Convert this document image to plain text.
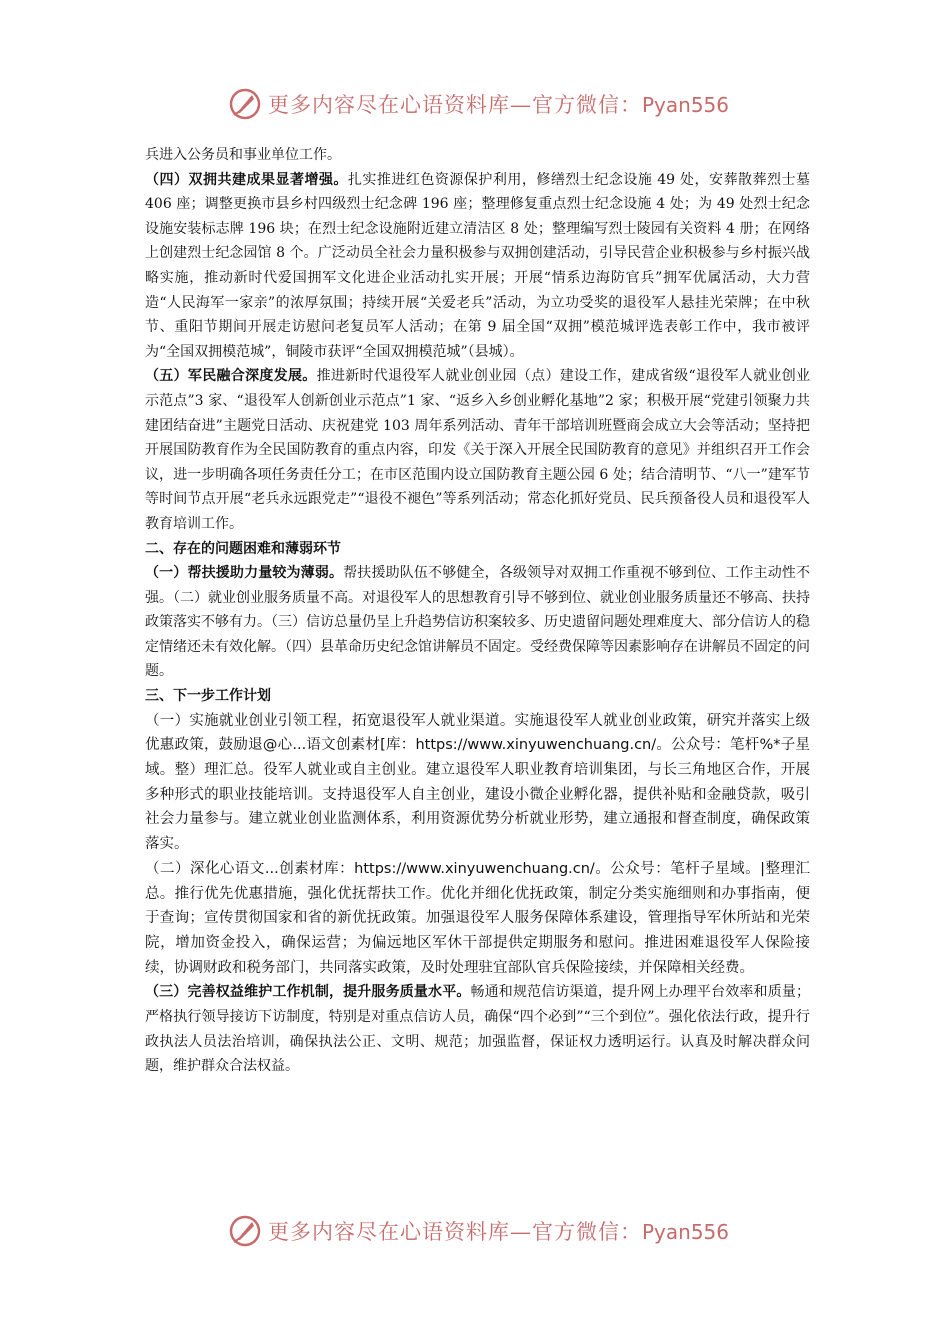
更多内容尽在心语资料库—官方微信：Pyan556

兵进入公务员和事业单位工作。

（四）双拥共建成果显著增强。扎实推进红色资源保护利用，修缮烈士纪念设施 49 处，安葬散葬烈士墓 406 座；调整更换市县乡村四级烈士纪念碑 196 座；整理修复重点烈士纪念设施 4 处；为 49 处烈士纪念设施安装标志牌 196 块；在烈士纪念设施附近建立清洁区 8 处；整理编写烈士陵园有关资料 4 册；在网络上创建烈士纪念园馆 8 个。广泛动员全社会力量积极参与双拥创建活动，引导民营企业积极参与乡村振兴战略实施，推动新时代爱国拥军文化进企业活动扎实开展；开展“情系边海防官兵”拥军优属活动，大力营造“人民海军一家亲”的浓厚氛围；持续开展“关爱老兵”活动，为立功受奖的退役军人悬挂光荣牌；在中秋节、重阳节期间开展走访慰问老复员军人活动；在第 9 届全国“双拥”模范城评选表彰工作中，我市被评为“全国双拥模范城”，铜陵市获评“全国双拥模范城”（县城）。

（五）军民融合深度发展。推进新时代退役军人就业创业园（点）建设工作，建成省级“退役军人就业创业示范点”3 家、“退役军人创新创业示范点”1 家、“返乡入乡创业孵化基地”2 家；积极开展“党建引领聚力共建团结奋进”主题党日活动、庆祝建党 103 周年系列活动、青年干部培训班暨商会成立大会等活动；坚持把开展国防教育作为全民国防教育的重点内容，印发《关于深入开展全民国防教育的意见》并组织召开工作会议，进一步明确各项任务责任分工；在市区范围内设立国防教育主题公园 6 处；结合清明节、“八一”建军节等时间节点开展“老兵永远跟党走”“退役不褪色”等系列活动；常态化抓好党员、民兵预备役人员和退役军人教育培训工作。

二、存在的问题困难和薄弱环节

（一）帮扶援助力量较为薄弱。帮扶援助队伍不够健全，各级领导对双拥工作重视不够到位、工作主动性不强。（二）就业创业服务质量不高。对退役军人的思想教育引导不够到位、就业创业服务质量还不够高、扶持政策落实不够有力。（三）信访总量仍呈上升趋势信访积案较多、历史遗留问题处理难度大、部分信访人的稳定情绪还未有效化解。（四）县革命历史纪念馆讲解员不固定。受经费保障等因素影响存在讲解员不固定的问题。

三、下一步工作计划

（一）实施就业创业引领工程，拓宽退役军人就业渠道。实施退役军人就业创业政策，研究并落实上级优惠政策，鼓励退@心...语文创素材[库：https://www.xinyuwenchuang.cn/。公众号：笔杆%*子星域。整）理汇总。役军人就业或自主创业。建立退役军人职业教育培训集团，与长三角地区合作，开展多种形式的职业技能培训。支持退役军人自主创业，建设小微企业孵化器，提供补贴和金融贷款，吸引社会力量参与。建立就业创业监测体系，利用资源优势分析就业形势，建立通报和督查制度，确保政策落实。

（二）深化心语文...创素材库：https://www.xinyuwenchuang.cn/。公众号：笔杆子星域。|整理汇总。推行优先优惠措施，强化优抚帮扶工作。优化并细化优抚政策，制定分类实施细则和办事指南，便于查询；宣传贯彻国家和省的新优抚政策。加强退役军人服务保障体系建设，管理指导军休所站和光荣院，增加资金投入，确保运营；为偏远地区军休干部提供定期服务和慰问。推进困难退役军人保险接续，协调财政和税务部门，共同落实政策，及时处理驻宜部队官兵保险接续，并保障相关经费。

（三）完善权益维护工作机制，提升服务质量水平。畅通和规范信访渠道，提升网上办理平台效率和质量；严格执行领导接访下访制度，特别是对重点信访人员，确保“四个必到”“三个到位”。强化依法行政，提升行政执法人员法治培训，确保执法公正、文明、规范；加强监督，保证权力透明运行。认真及时解决群众问题，维护群众合法权益。

更多内容尽在心语资料库—官方微信：Pyan556
